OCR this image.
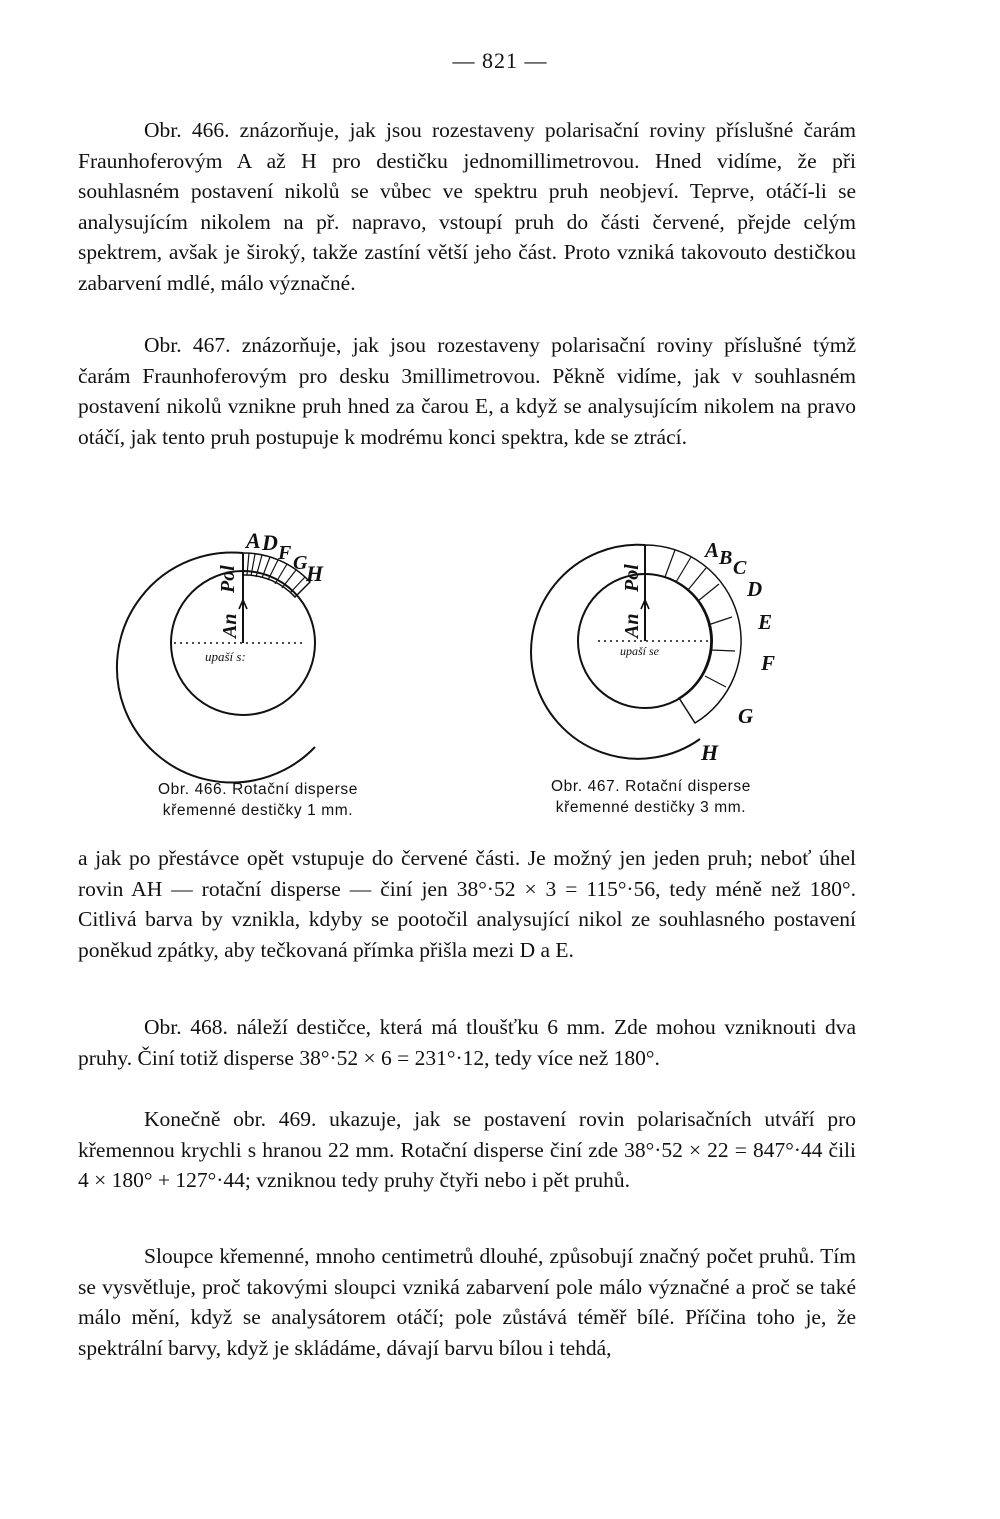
— 821 —

Obr. 466. znázorňuje, jak jsou rozestaveny polarisační roviny příslušné čarám Fraunhoferovým A až H pro destičku jednomillimetrovou. Hned vidíme, že při souhlasném postavení nikolů se vůbec ve spektru pruh neobjeví. Teprve, otáčí-li se analysujícím nikolem na př. napravo, vstoupí pruh do části červené, přejde celým spektrem, avšak je široký, takže zastíní větší jeho část. Proto vzniká takovouto destičkou zabarvení mdlé, málo význačné.

Obr. 467. znázorňuje, jak jsou rozestaveny polarisační roviny příslušné týmž čarám Fraunhoferovým pro desku 3millimetrovou. Pěkně vidíme, jak v souhlasném postavení nikolů vznikne pruh hned za čarou E, a když se analysujícím nikolem na pravo otáčí, jak tento pruh postupuje k modrému konci spektra, kde se ztrácí.

Pol
An
upaší s:
A D F G
H	Pol
An
upaší se
A B C
D
E
F
G
H
Obr. 466. Rotační disperse
křemenné destičky 1 mm.
Obr. 467. Rotační disperse
křemenné destičky 3 mm.

a jak po přestávce opět vstupuje do červené části. Je možný jen jeden pruh; neboť úhel rovin AH — rotační disperse — činí jen 38°·52 × 3 = 115°·56, tedy méně než 180°. Citlivá barva by vznikla, kdyby se pootočil analysující nikol ze souhlasného postavení poněkud zpátky, aby tečkovaná přímka přišla mezi D a E.

Obr. 468. náleží destičce, která má tloušťku 6 mm. Zde mohou vzniknouti dva pruhy. Činí totiž disperse 38°·52 × 6 = 231°·12, tedy více než 180°.

Konečně obr. 469. ukazuje, jak se postavení rovin polarisačních utváří pro křemennou krychli s hranou 22 mm. Rotační disperse činí zde 38°·52 × 22 = 847°·44 čili 4 × 180° + 127°·44; vzniknou tedy pruhy čtyři nebo i pět pruhů.

Sloupce křemenné, mnoho centimetrů dlouhé, způsobují značný počet pruhů. Tím se vysvětluje, proč takovými sloupci vzniká zabarvení pole málo význačné a proč se také málo mění, když se analysátorem otáčí; pole zůstává téměř bílé. Příčina toho je, že spektrální barvy, když je skládáme, dávají barvu bílou i tehdá,
